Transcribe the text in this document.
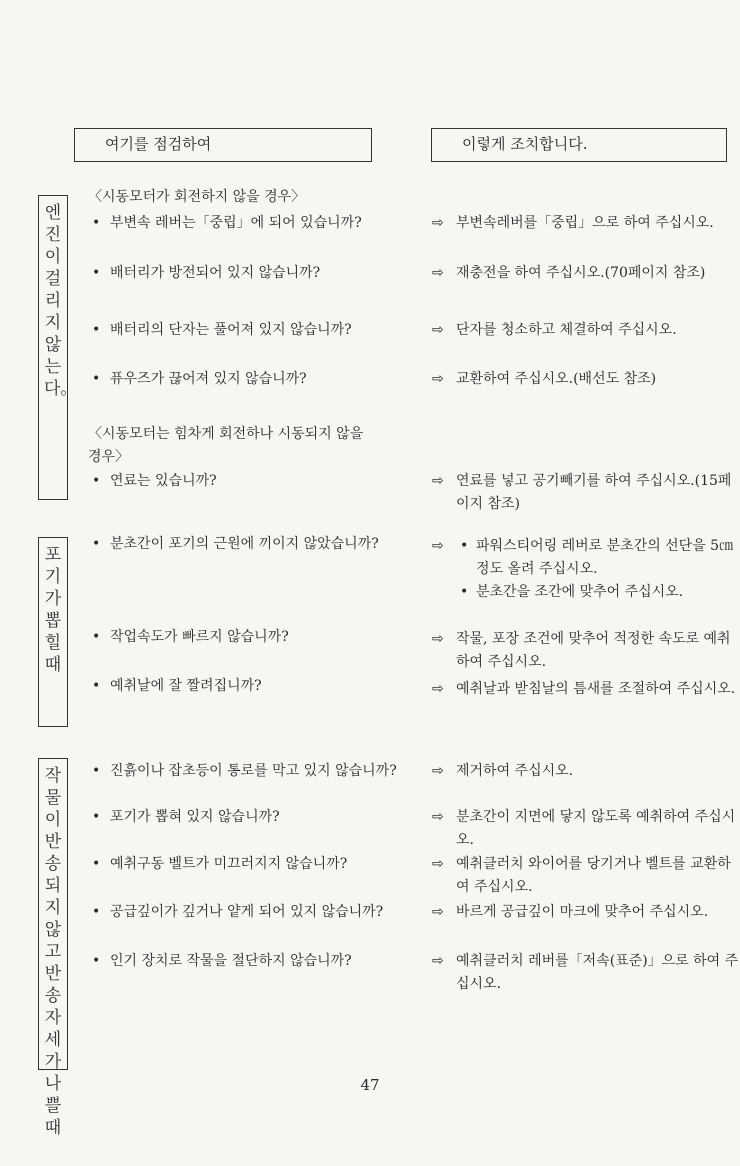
여기를 점검하여	이렇게 조치합니다.
엔진이 걸리지 않는다。
포기가 뽑힐때
작물이 반송되지 않고 반송자세가 나쁠때
〈시동모터가 회전하지 않을 경우〉
• 부변속 레버는「중립」에 되어 있습니까?
• 배터리가 방전되어 있지 않습니까?
• 배터리의 단자는 풀어져 있지 않습니까?
• 퓨우즈가 끊어져 있지 않습니까?
〈시동모터는 힘차게 회전하나 시동되지 않을 경우〉
• 연료는 있습니까?
⇨ 부변속레버를「중립」으로 하여 주십시오.
⇨ 재충전을 하여 주십시오.(70페이지 참조)
⇨ 단자를 청소하고 체결하여 주십시오.
⇨ 교환하여 주십시오.(배선도 참조)
⇨ 연료를 넣고 공기빼기를 하여 주십시오.(15페이지 참조)
• 분초간이 포기의 근원에 끼이지 않았습니까?
• 작업속도가 빠르지 않습니까?
• 예취날에 잘 짤려집니까?
• ⇨ 파워스티어링 레버로 분초간의 선단을 5㎝ 정도 올려 주십시오.
• 분초간을 조간에 맞추어 주십시오.
⇨ 작물, 포장 조건에 맞추어 적정한 속도로 예취하여 주십시오.
⇨ 예취날과 받침날의 틈새를 조절하여 주십시오.
• 진흙이나 잡초등이 통로를 막고 있지 않습니까?
• 포기가 뽑혀 있지 않습니까?
• 예취구동 벨트가 미끄러지지 않습니까?
• 공급깊이가 깊거나 얕게 되어 있지 않습니까?
• 인기 장치로 작물을 절단하지 않습니까?
⇨ 제거하여 주십시오.
⇨ 분초간이 지면에 닿지 않도록 예취하여 주십시오.
⇨ 예취클러치 와이어를 당기거나 벨트를 교환하여 주십시오.
⇨ 바르게 공급깊이 마크에 맞추어 주십시오.
⇨ 예취클러치 레버를「저속(표준)」으로 하여 주십시오.
47
